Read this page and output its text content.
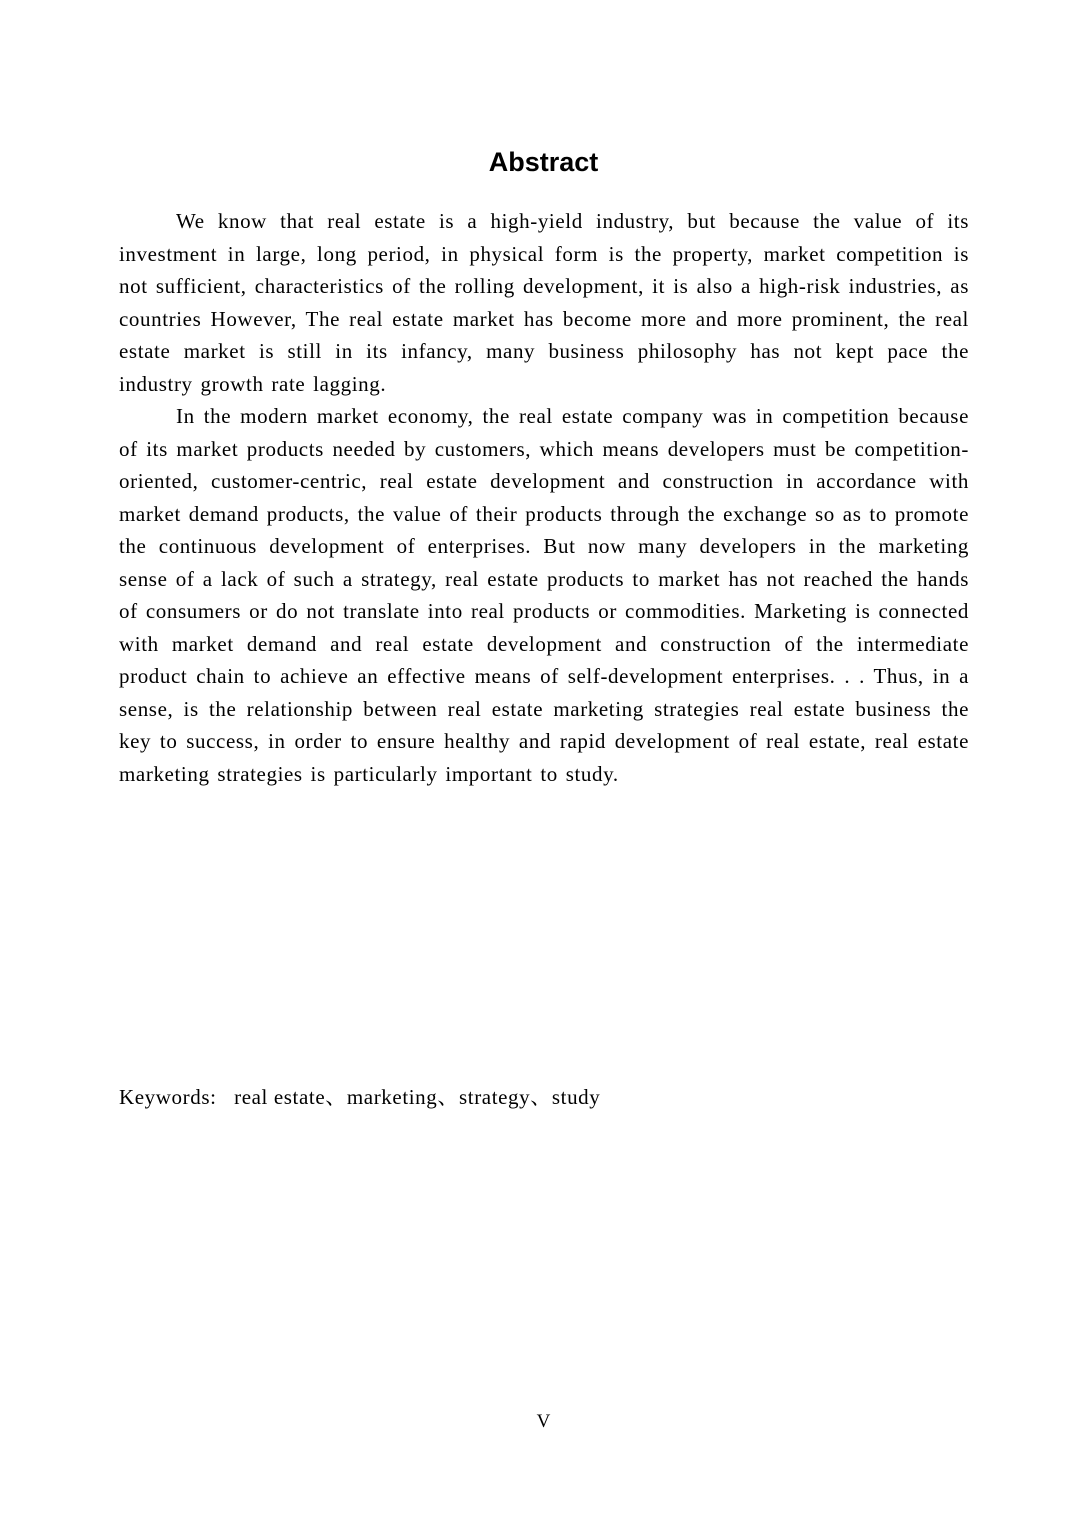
Abstract

We know that real estate is a high-yield industry, but because the value of its investment in large, long period, in physical form is the property, market competition is not sufficient, characteristics of the rolling development, it is also a high-risk industries, as countries However, The real estate market has become more and more prominent, the real estate market is still in its infancy, many business philosophy has not kept pace the industry growth rate lagging.

In the modern market economy, the real estate company was in competition because of its market products needed by customers, which means developers must be competition-oriented, customer-centric, real estate development and construction in accordance with market demand products, the value of their products through the exchange so as to promote the continuous development of enterprises. But now many developers in the marketing sense of a lack of such a strategy, real estate products to market has not reached the hands of consumers or do not translate into real products or commodities. Marketing is connected with market demand and real estate development and construction of the intermediate product chain to achieve an effective means of self-development enterprises. . . Thus, in a sense, is the relationship between real estate marketing strategies real estate business the key to success, in order to ensure healthy and rapid development of real estate, real estate marketing strategies is particularly important to study.

Keywords: real estate、marketing、strategy、study
V
